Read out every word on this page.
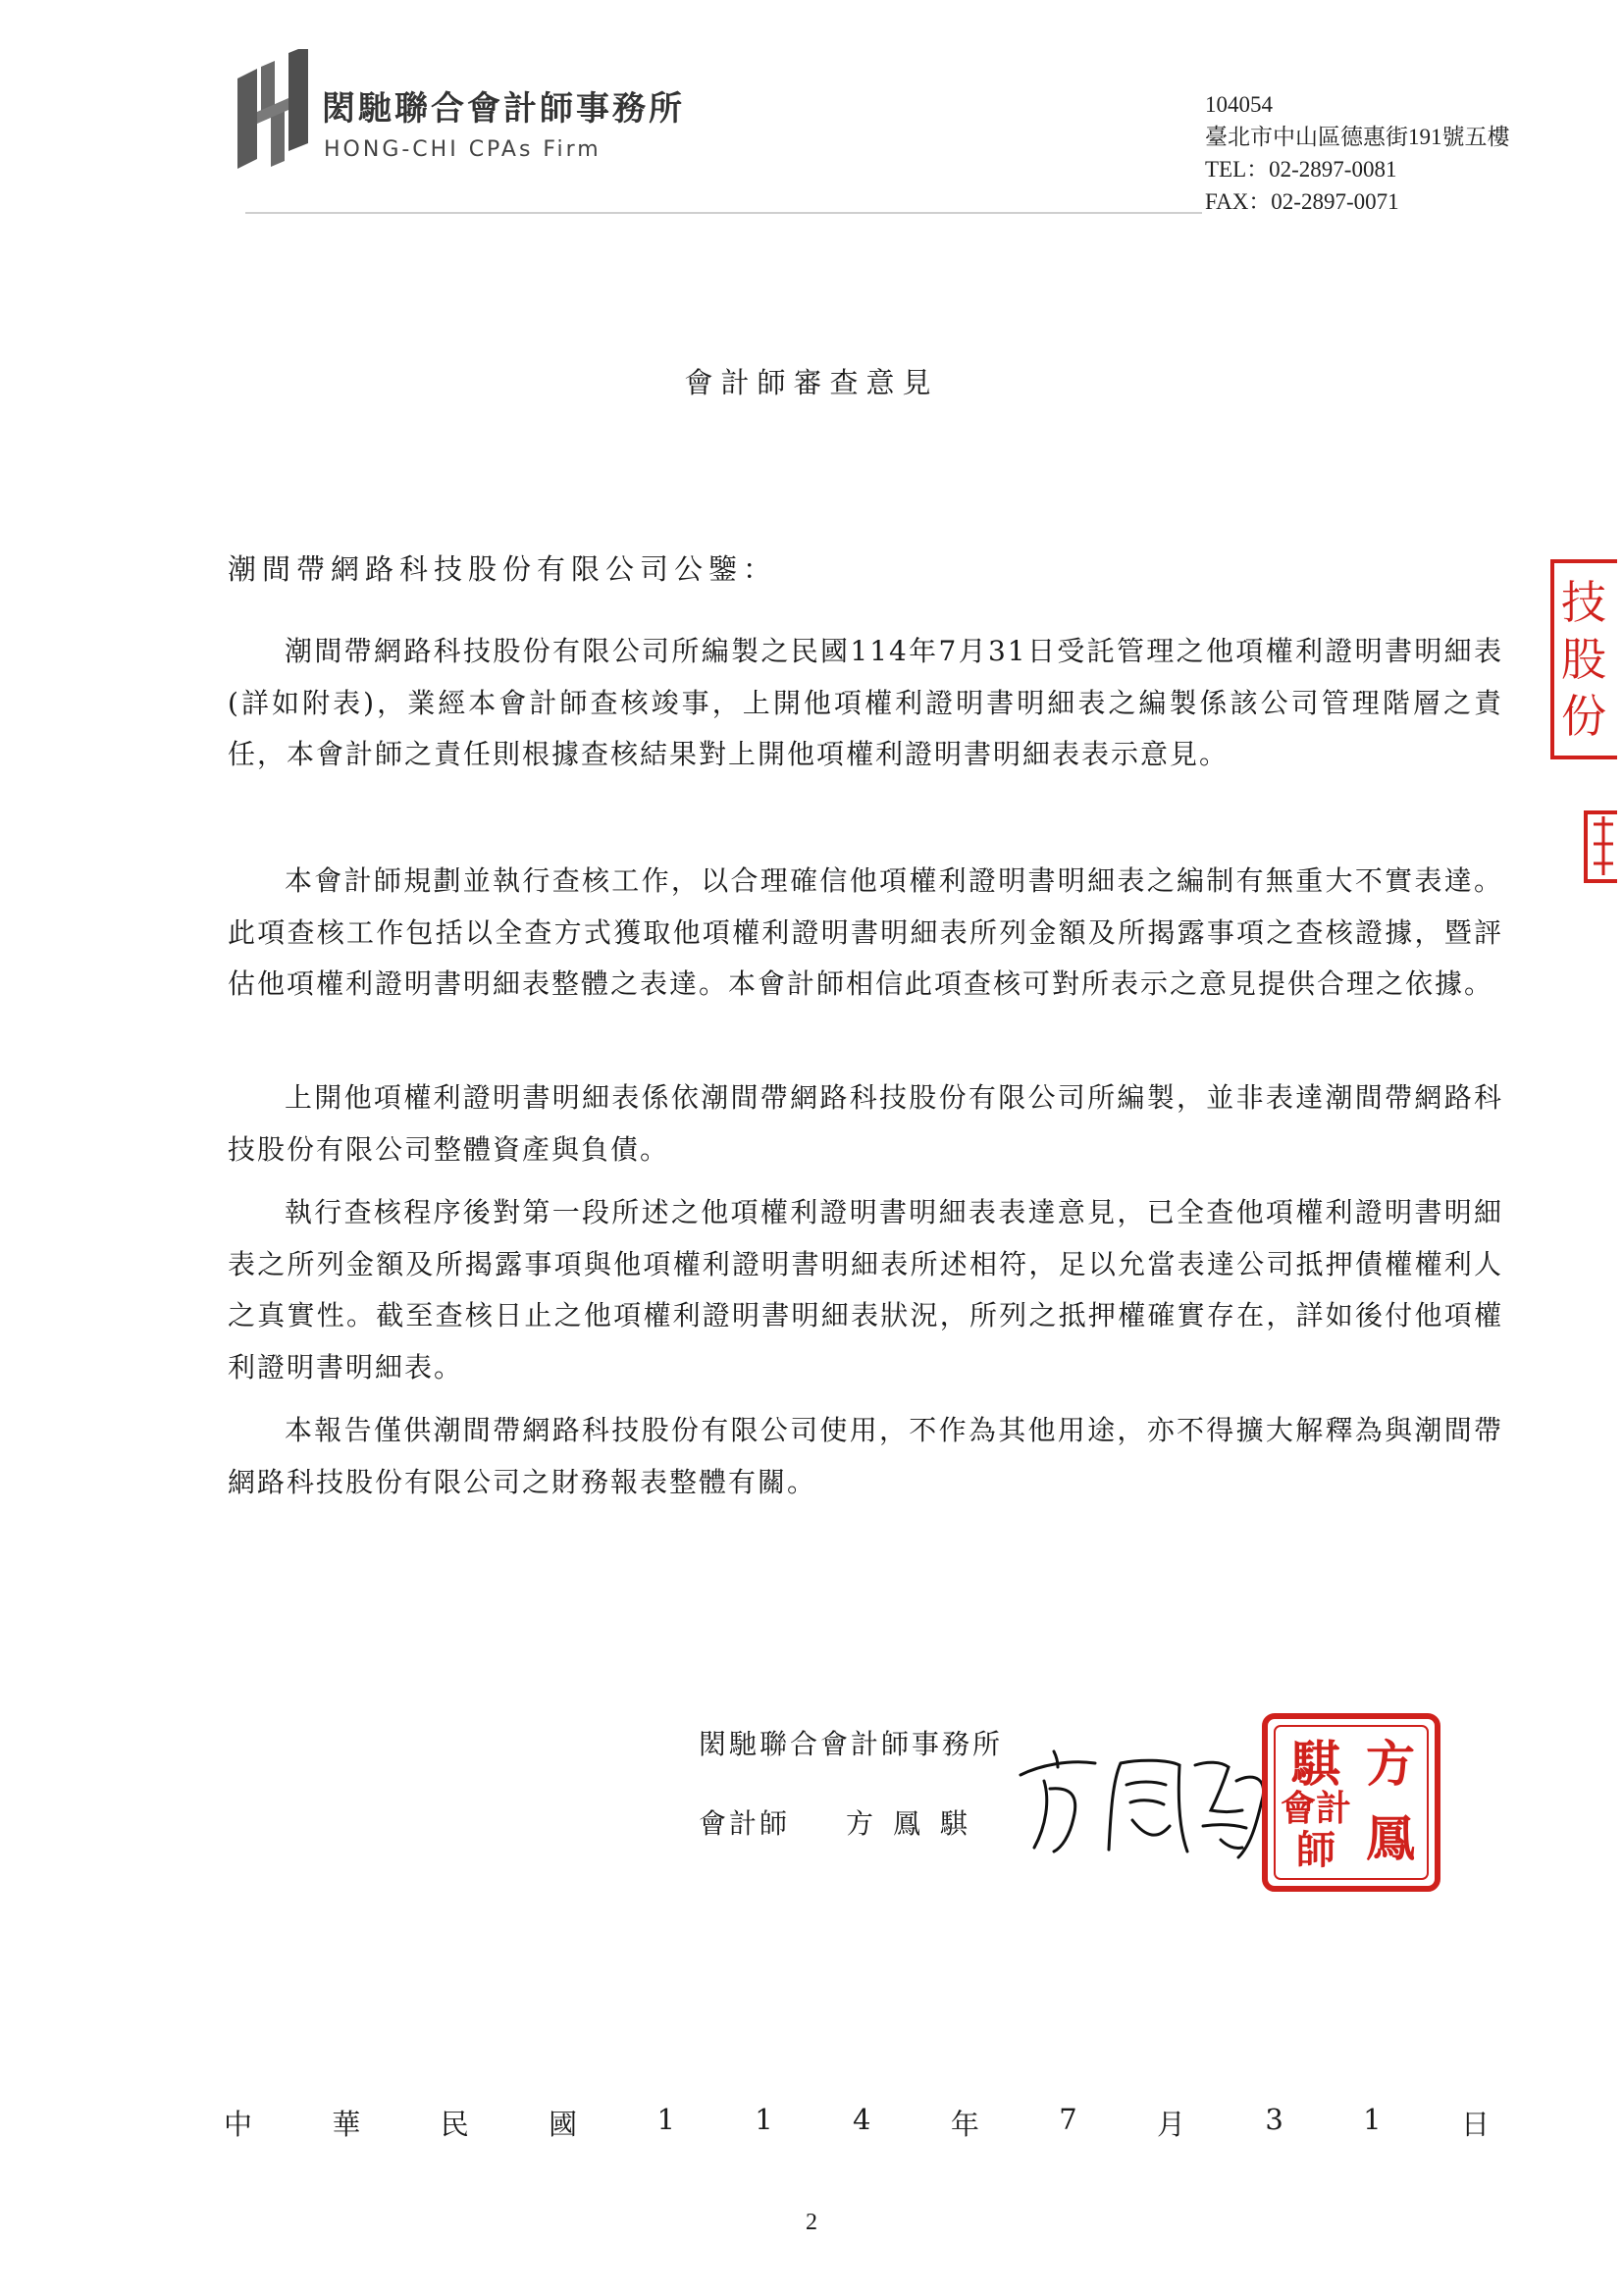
閎馳聯合會計師事務所
HONG-CHI CPAs Firm
104054
臺北市中山區德惠街191號五樓
TEL：02-2897-0081
FAX：02-2897-0071
會計師審查意見
潮間帶網路科技股份有限公司公鑒：
潮間帶網路科技股份有限公司所編製之民國114年7月31日受託管理之他項權利證明書明細表(詳如附表)，業經本會計師查核竣事，上開他項權利證明書明細表之編製係該公司管理階層之責任，本會計師之責任則根據查核結果對上開他項權利證明書明細表表示意見。
本會計師規劃並執行查核工作，以合理確信他項權利證明書明細表之編制有無重大不實表達。此項查核工作包括以全查方式獲取他項權利證明書明細表所列金額及所揭露事項之查核證據，暨評估他項權利證明書明細表整體之表達。本會計師相信此項查核可對所表示之意見提供合理之依據。
上開他項權利證明書明細表係依潮間帶網路科技股份有限公司所編製，並非表達潮間帶網路科技股份有限公司整體資產與負債。
執行查核程序後對第一段所述之他項權利證明書明細表表達意見，已全查他項權利證明書明細表之所列金額及所揭露事項與他項權利證明書明細表所述相符，足以允當表達公司抵押債權權利人之真實性。截至查核日止之他項權利證明書明細表狀況，所列之抵押權確實存在，詳如後付他項權利證明書明細表。
本報告僅供潮間帶網路科技股份有限公司使用，不作為其他用途，亦不得擴大解釋為與潮間帶網路科技股份有限公司之財務報表整體有關。
技
股
份
閎馳聯合會計師事務所
會計師 方鳳騏
方
鳳
騏
會計
師
中	華	民	國	1	1	4	年	7	月	3	1	日
2
